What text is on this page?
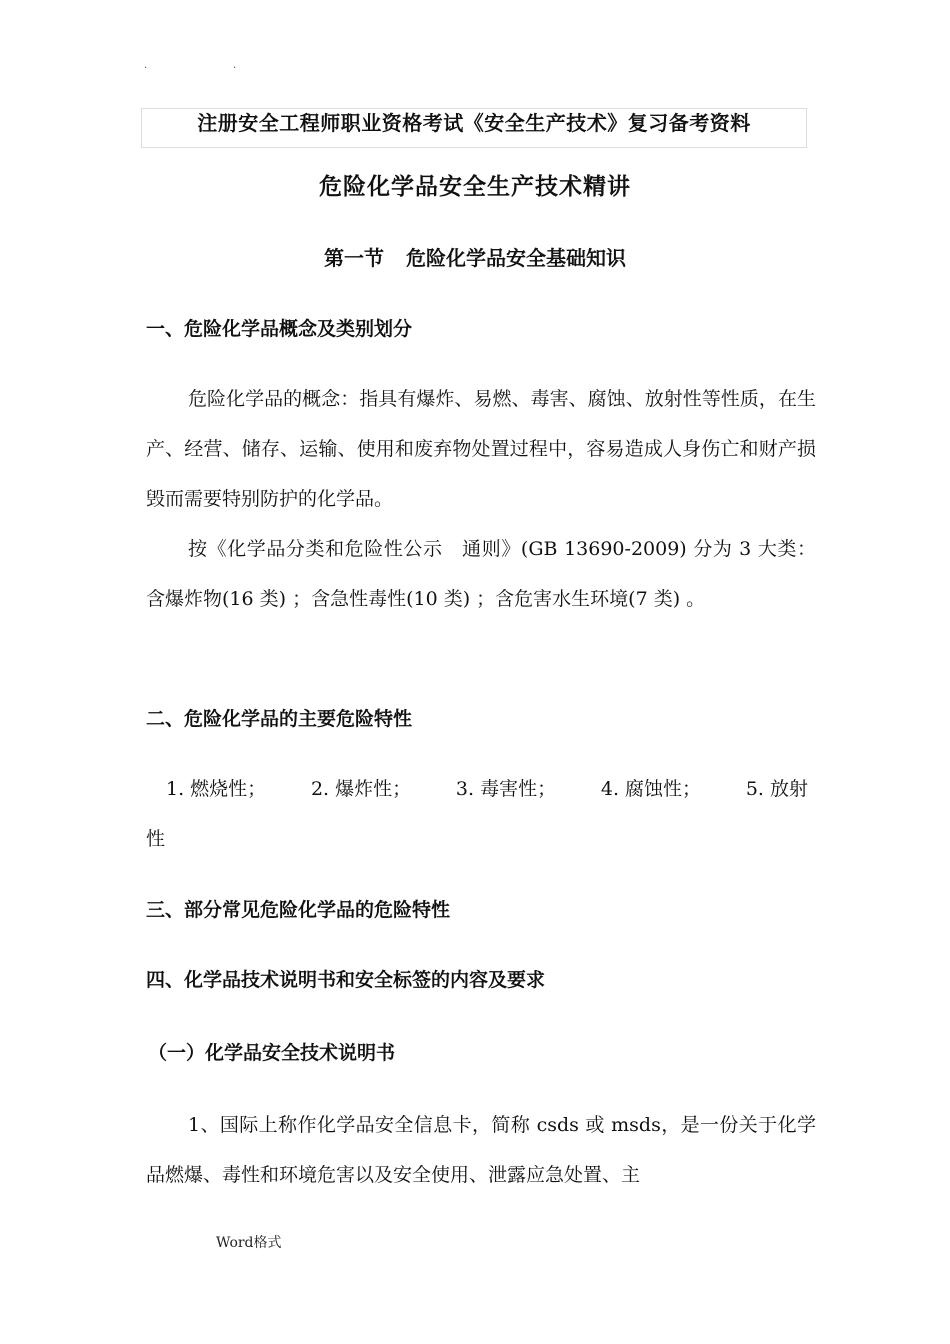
·	·
注册安全工程师职业资格考试《安全生产技术》复习备考资料
危险化学品安全生产技术精讲
第一节 危险化学品安全基础知识
一、危险化学品概念及类别划分
危险化学品的概念：指具有爆炸、易燃、毒害、腐蚀、放射性等性质，在生产、经营、储存、运输、使用和废弃物处置过程中，容易造成人身伤亡和财产损毁而需要特别防护的化学品。
按《化学品分类和危险性公示　通则》(GB 13690-2009) 分为 3 大类：含爆炸物(16 类) ；含急性毒性(10 类) ；含危害水生环境(7 类) 。
二、危险化学品的主要危险特性
1. 燃烧性； 2. 爆炸性； 3. 毒害性； 4. 腐蚀性； 5. 放射
性
三、部分常见危险化学品的危险特性
四、化学品技术说明书和安全标签的内容及要求
（一）化学品安全技术说明书
1、国际上称作化学品安全信息卡，简称 csds 或 msds，是一份关于化学品燃爆、毒性和环境危害以及安全使用、泄露应急处置、主
Word格式
